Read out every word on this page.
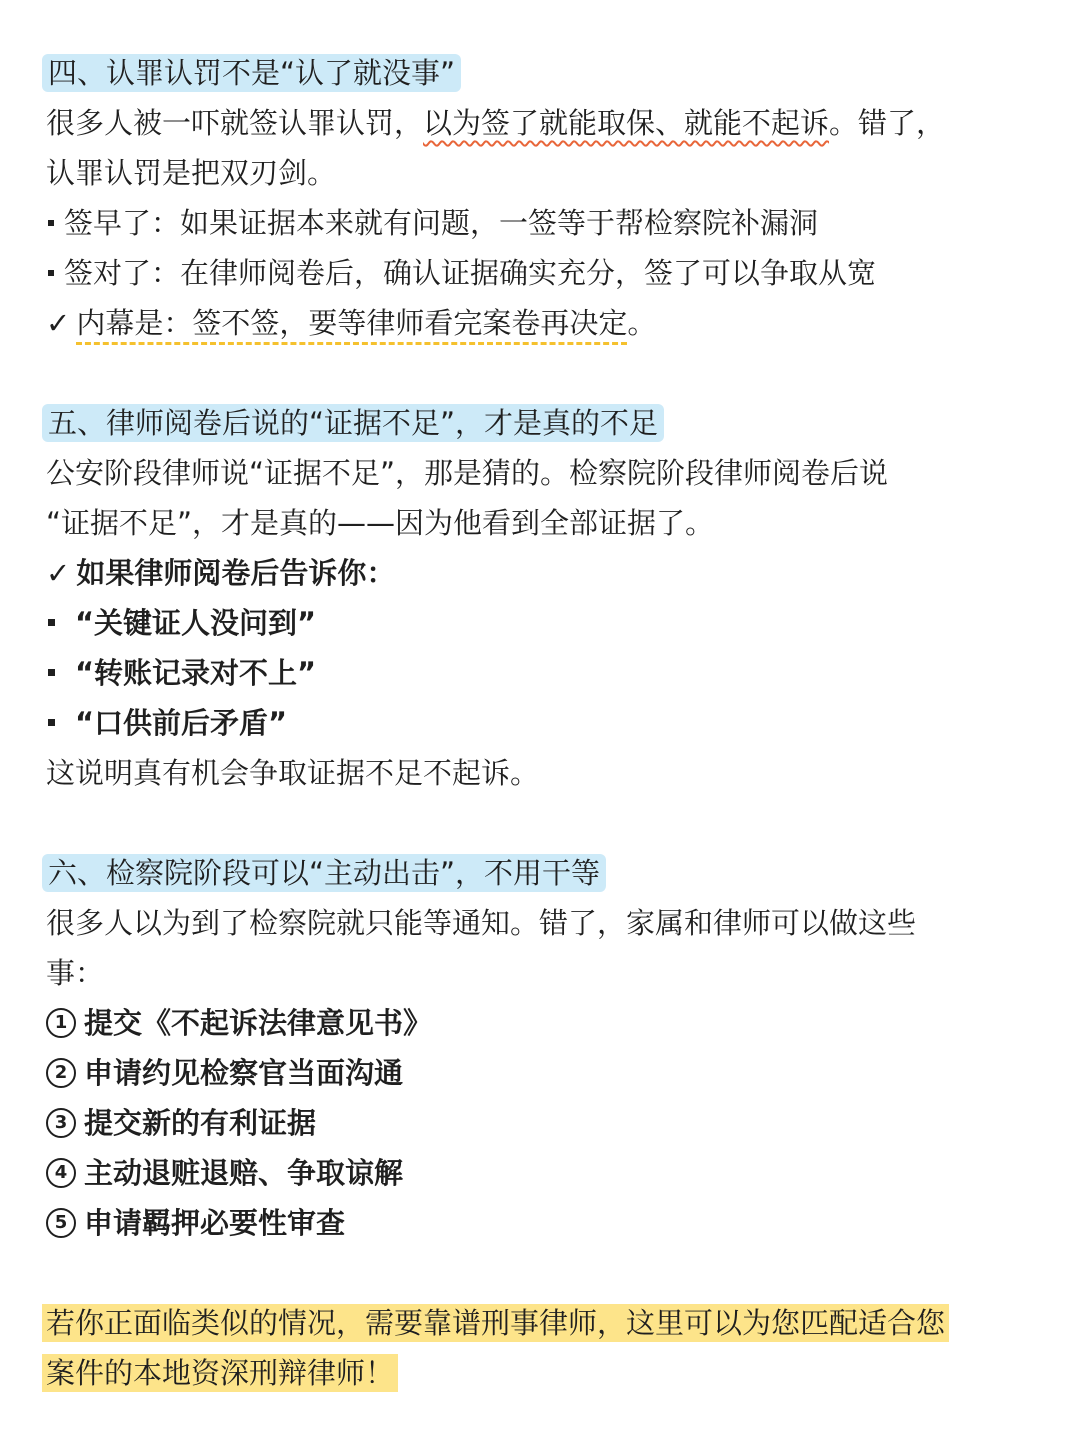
四、认罪认罚不是“认了就没事”
很多人被一吓就签认罪认罚，以为签了就能取保、就能不起诉。错了，
认罪认罚是把双刃剑。
签早了：如果证据本来就有问题，一签等于帮检察院补漏洞
签对了：在律师阅卷后，确认证据确实充分，签了可以争取从宽
✓ 内幕是：签不签，要等律师看完案卷再决定。
五、律师阅卷后说的“证据不足”，才是真的不足
公安阶段律师说“证据不足”，那是猜的。检察院阶段律师阅卷后说
“证据不足”，才是真的——因为他看到全部证据了。
✓ 如果律师阅卷后告诉你：
“关键证人没问到”
“转账记录对不上”
“口供前后矛盾”
这说明真有机会争取证据不足不起诉。
六、检察院阶段可以“主动出击”，不用干等
很多人以为到了检察院就只能等通知。错了，家属和律师可以做这些
事：
1 提交《不起诉法律意见书》
2 申请约见检察官当面沟通
3 提交新的有利证据
4 主动退赃退赔、争取谅解
5 申请羁押必要性审查
若你正面临类似的情况，需要靠谱刑事律师，这里可以为您匹配适合您
案件的本地资深刑辩律师！
